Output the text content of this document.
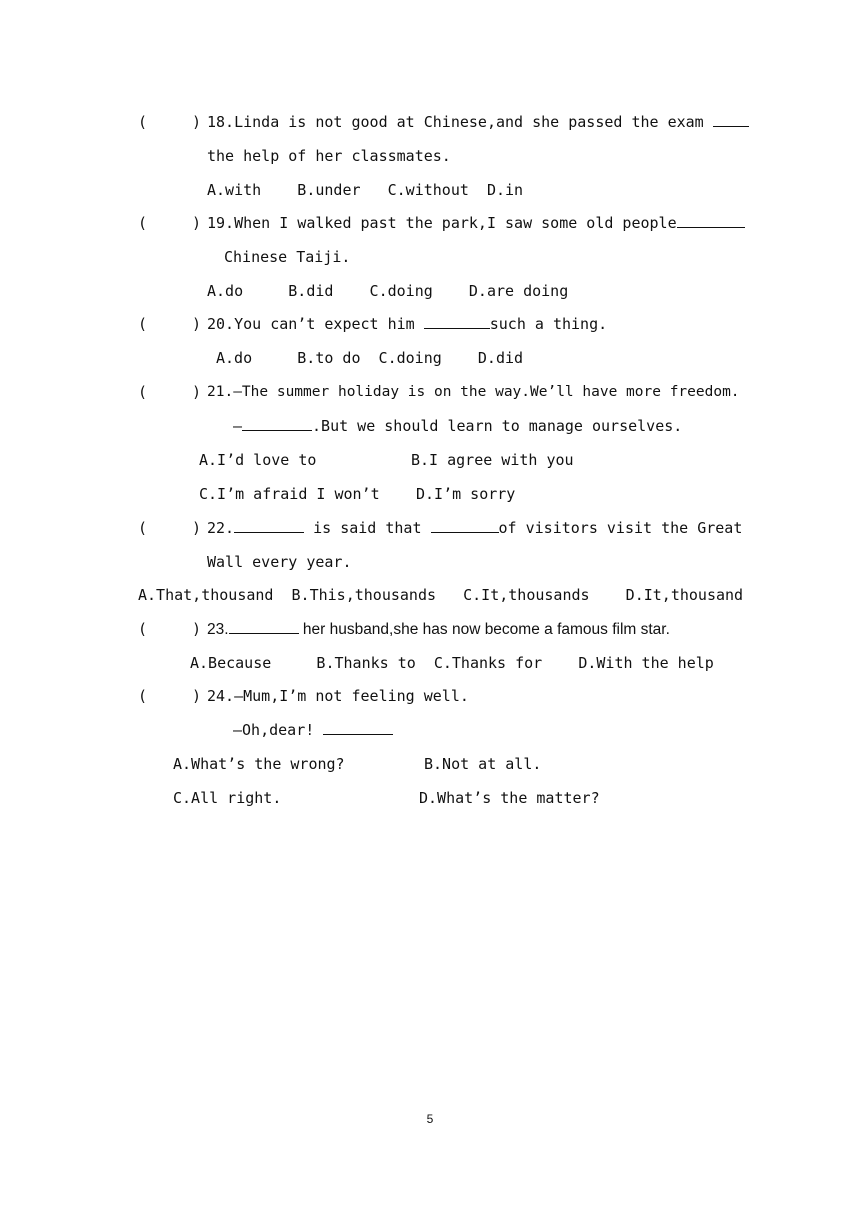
(	) 18.Linda is not good at Chinese,and she passed the exam
the help of her classmates.
A.with    B.under   C.without  D.in
(	) 19.When I walked past the park,I saw some old people
Chinese Taiji.
A.do     B.did    C.doing    D.are doing
(	) 20.You can’t expect him	such a thing.
A.do     B.to do  C.doing    D.did
(	) 21.—The summer holiday is on the way.We’ll have more freedom.
—	.But we should learn to manage ourselves.
A.I’d love to	B.I agree with you
C.I’m afraid I won’t D.I’m sorry
(	) 22.	is said that	of visitors visit the Great
Wall every year.
A.That,thousand  B.This,thousands   C.It,thousands    D.It,thousand
(	) 23.	her husband,she has now become a famous film star.
A.Because     B.Thanks to  C.Thanks for    D.With the help
(	) 24.—Mum,I’m not feeling well.
—Oh,dear!
A.What’s the wrong?	B.Not at all.
C.All right.	D.What’s the matter?
5
